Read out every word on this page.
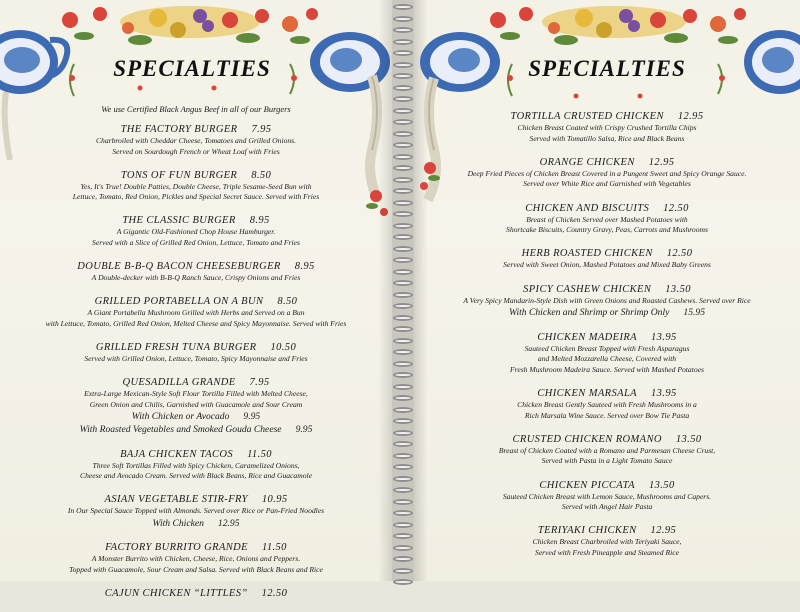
SPECIALTIES
We use Certified Black Angus Beef in all of our Burgers
THE FACTORY BURGER 7.95
Charbroiled with Cheddar Cheese, Tomatoes and Grilled Onions.
Served on Sourdough French or Wheat Loaf with Fries
TONS OF FUN BURGER 8.50
Yes, It's True! Double Patties, Double Cheese, Triple Sesame-Seed Bun with
Lettuce, Tomato, Red Onion, Pickles and Special Secret Sauce. Served with Fries
THE CLASSIC BURGER 8.95
A Gigantic Old-Fashioned Chop House Hamburger.
Served with a Slice of Grilled Red Onion, Lettuce, Tomato and Fries
DOUBLE B-B-Q BACON CHEESEBURGER 8.95
A Double-decker with B-B-Q Ranch Sauce, Crispy Onions and Fries
GRILLED PORTABELLA ON A BUN 8.50
A Giant Portabella Mushroom Grilled with Herbs and Served on a Bun
with Lettuce, Tomato, Grilled Red Onion, Melted Cheese and Spicy Mayonnaise. Served with Fries
GRILLED FRESH TUNA BURGER 10.50
Served with Grilled Onion, Lettuce, Tomato, Spicy Mayonnaise and Fries
QUESADILLA GRANDE 7.95
Extra-Large Mexican-Style Soft Flour Tortilla Filled with Melted Cheese,
Green Onion and Chilis, Garnished with Guacamole and Sour Cream
With Chicken or Avocado 9.95
With Roasted Vegetables and Smoked Gouda Cheese 9.95
BAJA CHICKEN TACOS 11.50
Three Soft Tortillas Filled with Spicy Chicken, Caramelized Onions,
Cheese and Avocado Cream. Served with Black Beans, Rice and Guacamole
ASIAN VEGETABLE STIR-FRY 10.95
In Our Special Sauce Topped with Almonds. Served over Rice or Pan-Fried Noodles
With Chicken 12.95
FACTORY BURRITO GRANDE 11.50
A Monster Burrito with Chicken, Cheese, Rice, Onions and Peppers.
Topped with Guacamole, Sour Cream and Salsa. Served with Black Beans and Rice
CAJUN CHICKEN “LITTLES” 12.50
SPECIALTIES
TORTILLA CRUSTED CHICKEN 12.95
Chicken Breast Coated with Crispy Crushed Tortilla Chips
Served with Tomatillo Salsa, Rice and Black Beans
ORANGE CHICKEN 12.95
Deep Fried Pieces of Chicken Breast Covered in a Pungent Sweet and Spicy Orange Sauce.
Served over White Rice and Garnished with Vegetables
CHICKEN AND BISCUITS 12.50
Breast of Chicken Served over Mashed Potatoes with
Shortcake Biscuits, Country Gravy, Peas, Carrots and Mushrooms
HERB ROASTED CHICKEN 12.50
Served with Sweet Onion, Mashed Potatoes and Mixed Baby Greens
SPICY CASHEW CHICKEN 13.50
A Very Spicy Mandarin-Style Dish with Green Onions and Roasted Cashews. Served over Rice
With Chicken and Shrimp or Shrimp Only 15.95
CHICKEN MADEIRA 13.95
Sauteed Chicken Breast Topped with Fresh Asparagus
and Melted Mozzarella Cheese, Covered with
Fresh Mushroom Madeira Sauce. Served with Mashed Potatoes
CHICKEN MARSALA 13.95
Chicken Breast Gently Sauteed with Fresh Mushrooms in a
Rich Marsala Wine Sauce. Served over Bow Tie Pasta
CRUSTED CHICKEN ROMANO 13.50
Breast of Chicken Coated with a Romano and Parmesan Cheese Crust,
Served with Pasta in a Light Tomato Sauce
CHICKEN PICCATA 13.50
Sauteed Chicken Breast with Lemon Sauce, Mushrooms and Capers.
Served with Angel Hair Pasta
TERIYAKI CHICKEN 12.95
Chicken Breast Charbroiled with Teriyaki Sauce,
Served with Fresh Pineapple and Steamed Rice
